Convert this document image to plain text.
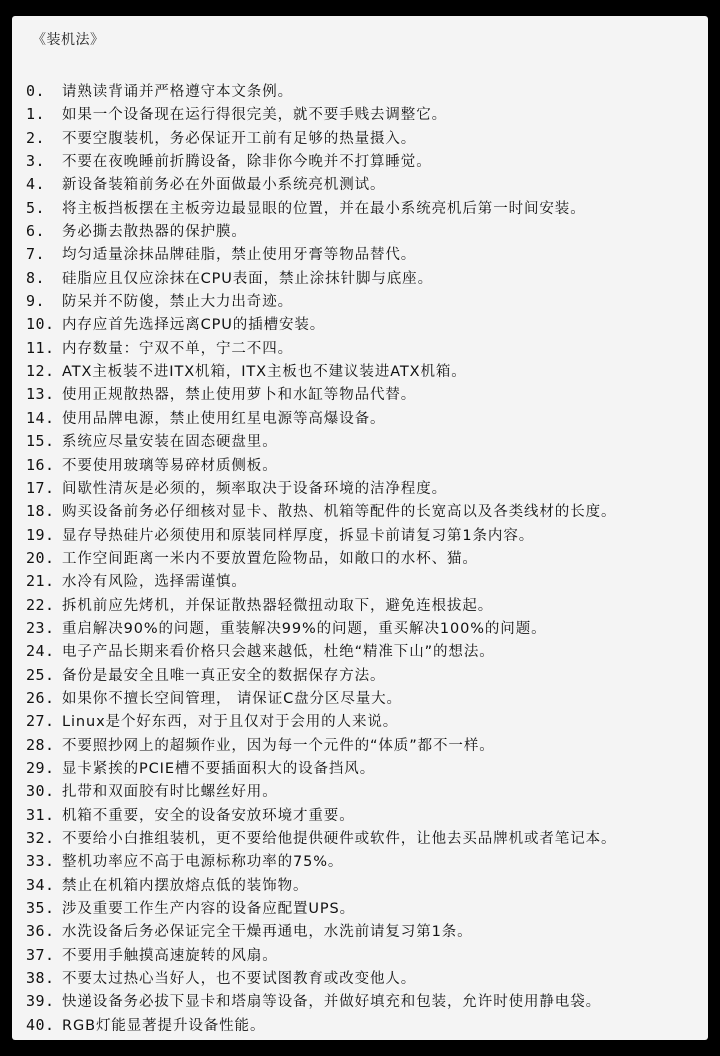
《装机法》
0.	请熟读背诵并严格遵守本文条例。
1.	如果一个设备现在运行得很完美，就不要手贱去调整它。
2.	不要空腹装机，务必保证开工前有足够的热量摄入。
3.	不要在夜晚睡前折腾设备，除非你今晚并不打算睡觉。
4.	新设备装箱前务必在外面做最小系统亮机测试。
5.	将主板挡板摆在主板旁边最显眼的位置，并在最小系统亮机后第一时间安装。
6.	务必撕去散热器的保护膜。
7.	均匀适量涂抹品牌硅脂，禁止使用牙膏等物品替代。
8.	硅脂应且仅应涂抹在CPU表面，禁止涂抹针脚与底座。
9.	防呆并不防傻，禁止大力出奇迹。
10. 内存应首先选择远离CPU的插槽安装。
11. 内存数量：宁双不单，宁二不四。
12. ATX主板装不进ITX机箱，ITX主板也不建议装进ATX机箱。
13. 使用正规散热器，禁止使用萝卜和水缸等物品代替。
14. 使用品牌电源，禁止使用红星电源等高爆设备。
15. 系统应尽量安装在固态硬盘里。
16. 不要使用玻璃等易碎材质侧板。
17. 间歇性清灰是必须的，频率取决于设备环境的洁净程度。
18. 购买设备前务必仔细核对显卡、散热、机箱等配件的长宽高以及各类线材的长度。
19. 显存导热硅片必须使用和原装同样厚度，拆显卡前请复习第1条内容。
20. 工作空间距离一米内不要放置危险物品，如敞口的水杯、猫。
21. 水冷有风险，选择需谨慎。
22. 拆机前应先烤机，并保证散热器轻微扭动取下，避免连根拔起。
23. 重启解决90%的问题，重装解决99%的问题，重买解决100%的问题。
24. 电子产品长期来看价格只会越来越低，杜绝“精准下山”的想法。
25. 备份是最安全且唯一真正安全的数据保存方法。
26. 如果你不擅长空间管理， 请保证C盘分区尽量大。
27. Linux是个好东西，对于且仅对于会用的人来说。
28. 不要照抄网上的超频作业，因为每一个元件的“体质”都不一样。
29. 显卡紧挨的PCIE槽不要插面积大的设备挡风。
30. 扎带和双面胶有时比螺丝好用。
31. 机箱不重要，安全的设备安放环境才重要。
32. 不要给小白推组装机，更不要给他提供硬件或软件，让他去买品牌机或者笔记本。
33. 整机功率应不高于电源标称功率的75%。
34. 禁止在机箱内摆放熔点低的装饰物。
35. 涉及重要工作生产内容的设备应配置UPS。
36. 水洗设备后务必保证完全干燥再通电，水洗前请复习第1条。
37. 不要用手触摸高速旋转的风扇。
38. 不要太过热心当好人，也不要试图教育或改变他人。
39. 快递设备务必拔下显卡和塔扇等设备，并做好填充和包装，允许时使用静电袋。
40. RGB灯能显著提升设备性能。
